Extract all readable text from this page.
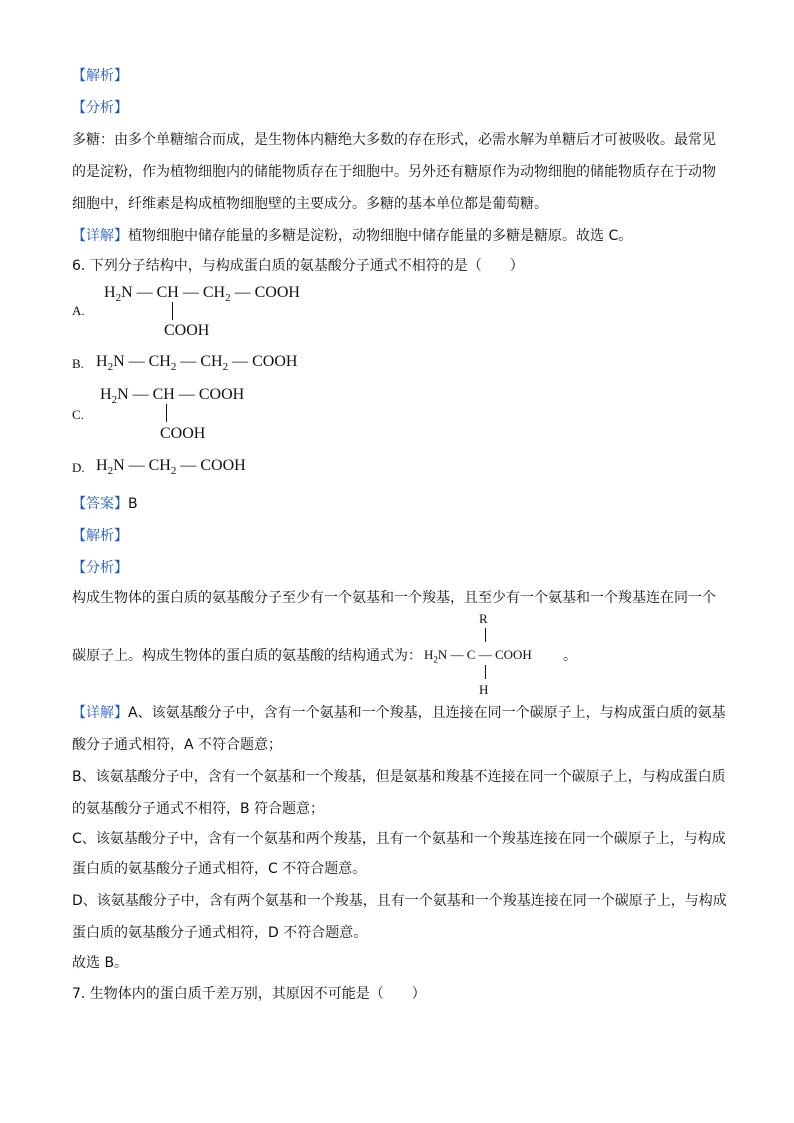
【解析】
【分析】
多糖：由多个单糖缩合而成，是生物体内糖绝大多数的存在形式，必需水解为单糖后才可被吸收。最常见
的是淀粉，作为植物细胞内的储能物质存在于细胞中。另外还有糖原作为动物细胞的储能物质存在于动物
细胞中，纤维素是构成植物细胞壁的主要成分。多糖的基本单位都是葡萄糖。
【详解】植物细胞中储存能量的多糖是淀粉，动物细胞中储存能量的多糖是糖原。故选 C。
6. 下列分子结构中，与构成蛋白质的氨基酸分子通式不相符的是（　　）
A.
$H_2N$ — CH — $CH_2$ — COOH
COOH
B. $H_2N$ — $CH_2$ — $CH_2$ — COOH
C.
$H_2N$ — CH — COOH
COOH
D. $H_2N$ — $CH_2$ — COOH
【答案】B
【解析】
【分析】
构成生物体的蛋白质的氨基酸分子至少有一个氨基和一个羧基，且至少有一个氨基和一个羧基连在同一个
碳原子上。构成生物体的蛋白质的氨基酸的结构通式为：
R
$H_2N$ — C — COOH 。
H
【详解】A、该氨基酸分子中，含有一个氨基和一个羧基，且连接在同一个碳原子上，与构成蛋白质的氨基
酸分子通式相符，A 不符合题意；
B、该氨基酸分子中，含有一个氨基和一个羧基，但是氨基和羧基不连接在同一个碳原子上，与构成蛋白质
的氨基酸分子通式不相符，B 符合题意；
C、该氨基酸分子中，含有一个氨基和两个羧基，且有一个氨基和一个羧基连接在同一个碳原子上，与构成
蛋白质的氨基酸分子通式相符，C 不符合题意。
D、该氨基酸分子中，含有两个氨基和一个羧基，且有一个氨基和一个羧基连接在同一个碳原子上，与构成
蛋白质的氨基酸分子通式相符，D 不符合题意。
故选 B。
7. 生物体内的蛋白质千差万别，其原因不可能是（　　）
